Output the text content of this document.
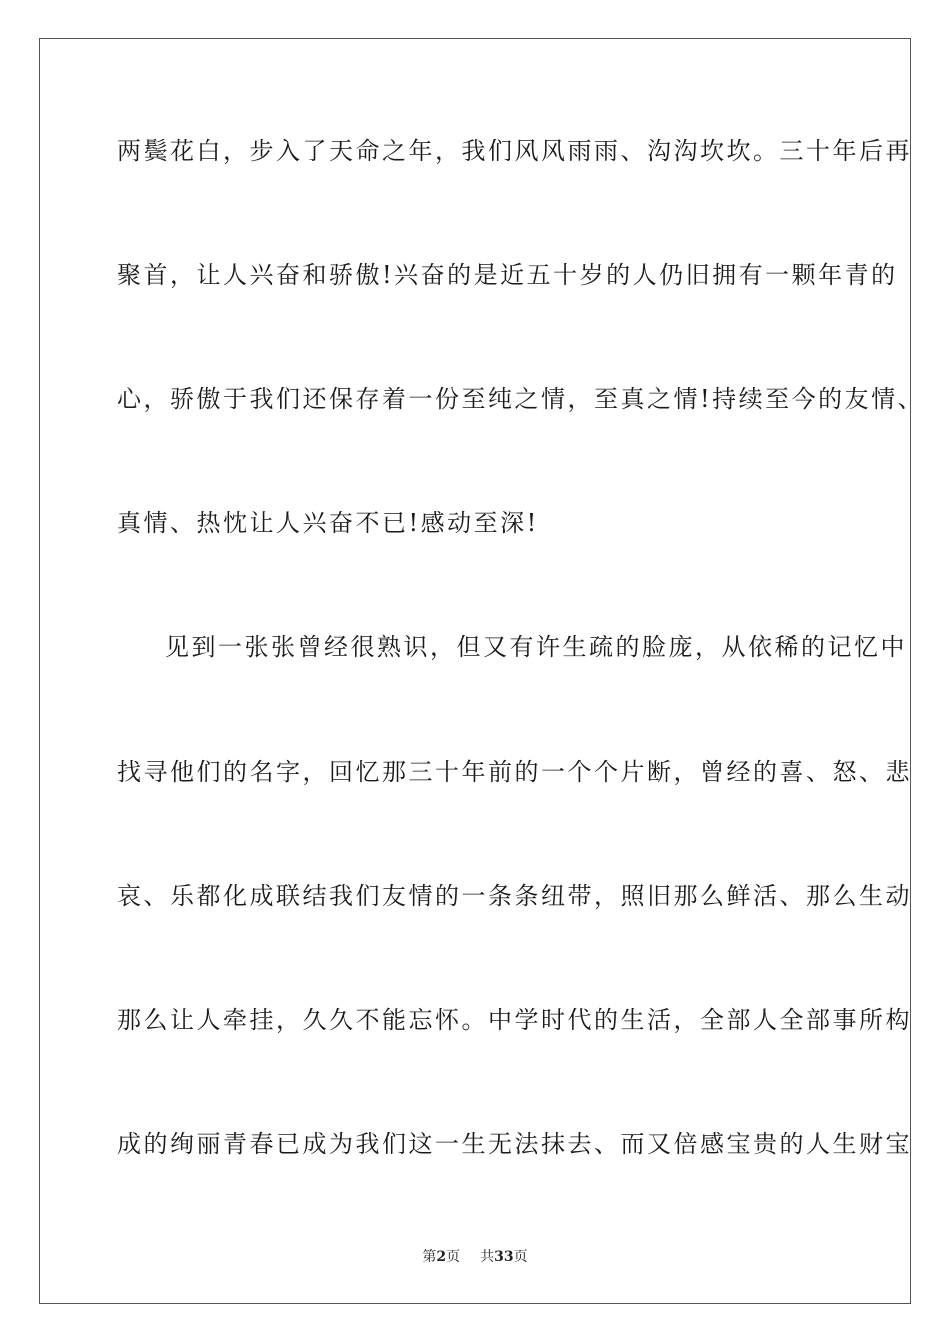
两鬓花白，步入了天命之年，我们风风雨雨、沟沟坎坎。三十年后再

聚首，让人兴奋和骄傲!兴奋的是近五十岁的人仍旧拥有一颗年青的

心，骄傲于我们还保存着一份至纯之情，至真之情!持续至今的友情、

真情、热忱让人兴奋不已!感动至深!

见到一张张曾经很熟识，但又有许生疏的脸庞，从依稀的记忆中

找寻他们的名字，回忆那三十年前的一个个片断，曾经的喜、怒、悲

哀、乐都化成联结我们友情的一条条纽带，照旧那么鲜活、那么生动

那么让人牵挂，久久不能忘怀。中学时代的生活，全部人全部事所构

成的绚丽青春已成为我们这一生无法抹去、而又倍感宝贵的人生财宝

第2页 共33页
